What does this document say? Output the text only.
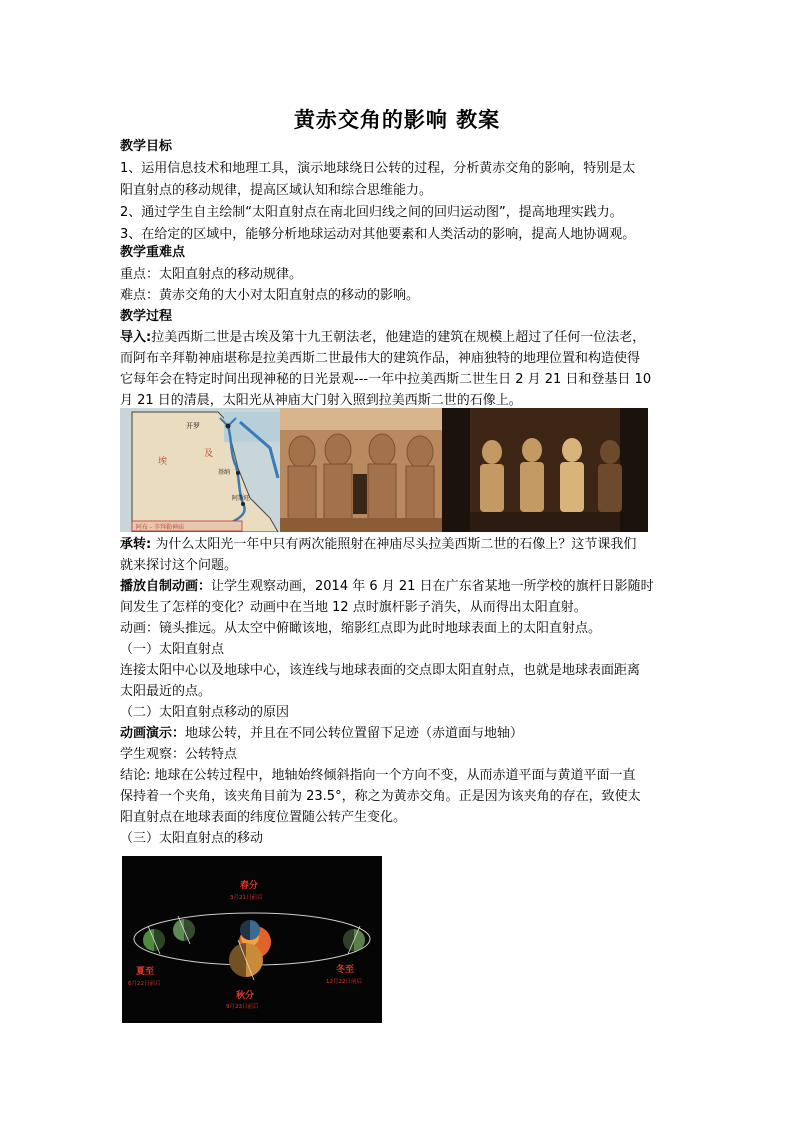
黄赤交角的影响 教案
教学目标
1、运用信息技术和地理工具，演示地球绕日公转的过程，分析黄赤交角的影响，特别是太
阳直射点的移动规律，提高区域认知和综合思维能力。
2、通过学生自主绘制“太阳直射点在南北回归线之间的回归运动图”，提高地理实践力。
3、在给定的区域中，能够分析地球运动对其他要素和人类活动的影响，提高人地协调观。
教学重难点
重点：太阳直射点的移动规律。
难点：黄赤交角的大小对太阳直射点的移动的影响。
教学过程
导入:拉美西斯二世是古埃及第十九王朝法老，他建造的建筑在规模上超过了任何一位法老，
而阿布辛拜勒神庙堪称是拉美西斯二世最伟大的建筑作品，神庙独特的地理位置和构造使得
它每年会在特定时间出现神秘的日光景观---一年中拉美西斯二世生日 2 月 21 日和登基日 10
月 21 日的清晨，太阳光从神庙大门射入照到拉美西斯二世的石像上。
开罗
埃
及
基纳
阿斯旺
阿布 - 辛拜勒神庙
承转: 为什么太阳光一年中只有两次能照射在神庙尽头拉美西斯二世的石像上？这节课我们
就来探讨这个问题。
播放自制动画：让学生观察动画，2014 年 6 月 21 日在广东省某地一所学校的旗杆日影随时
间发生了怎样的变化？动画中在当地 12 点时旗杆影子消失，从而得出太阳直射。
动画：镜头推远。从太空中俯瞰该地，缩影红点即为此时地球表面上的太阳直射点。
（一）太阳直射点
连接太阳中心以及地球中心，该连线与地球表面的交点即太阳直射点，也就是地球表面距离
太阳最近的点。
（二）太阳直射点移动的原因
动画演示：地球公转，并且在不同公转位置留下足迹（赤道面与地轴）
学生观察：公转特点
结论: 地球在公转过程中，地轴始终倾斜指向一个方向不变，从而赤道平面与黄道平面一直
保持着一个夹角，该夹角目前为 23.5°，称之为黄赤交角。正是因为该夹角的存在，致使太
阳直射点在地球表面的纬度位置随公转产生变化。
（三）太阳直射点的移动
春分
3月21日前后
夏至
6月22日前后
秋分
9月23日前后
冬至
12月22日前后
